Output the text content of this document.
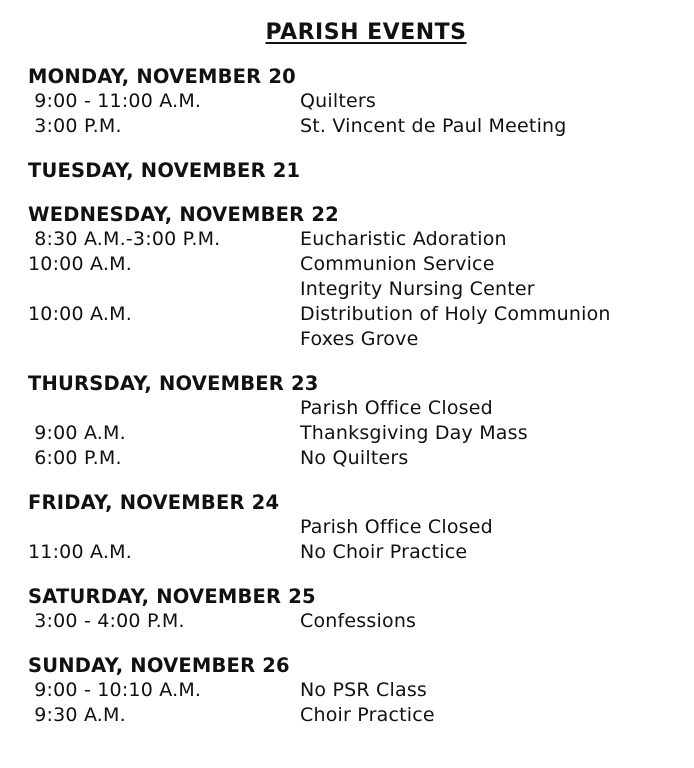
PARISH EVENTS
MONDAY, NOVEMBER 20
9:00 - 11:00 A.M.	Quilters
3:00 P.M.	St. Vincent de Paul Meeting
TUESDAY, NOVEMBER 21
WEDNESDAY, NOVEMBER 22
8:30 A.M.-3:00 P.M.	Eucharistic Adoration
10:00 A.M.	Communion Service
Integrity Nursing Center
10:00 A.M.	Distribution of Holy Communion
Foxes Grove
THURSDAY, NOVEMBER 23
Parish Office Closed
9:00 A.M.	Thanksgiving Day Mass
6:00 P.M.	No Quilters
FRIDAY, NOVEMBER 24
Parish Office Closed
11:00 A.M.	No Choir Practice
SATURDAY, NOVEMBER 25
3:00 - 4:00 P.M.	Confessions
SUNDAY, NOVEMBER 26
9:00 - 10:10 A.M.	No PSR Class
9:30 A.M.	Choir Practice
